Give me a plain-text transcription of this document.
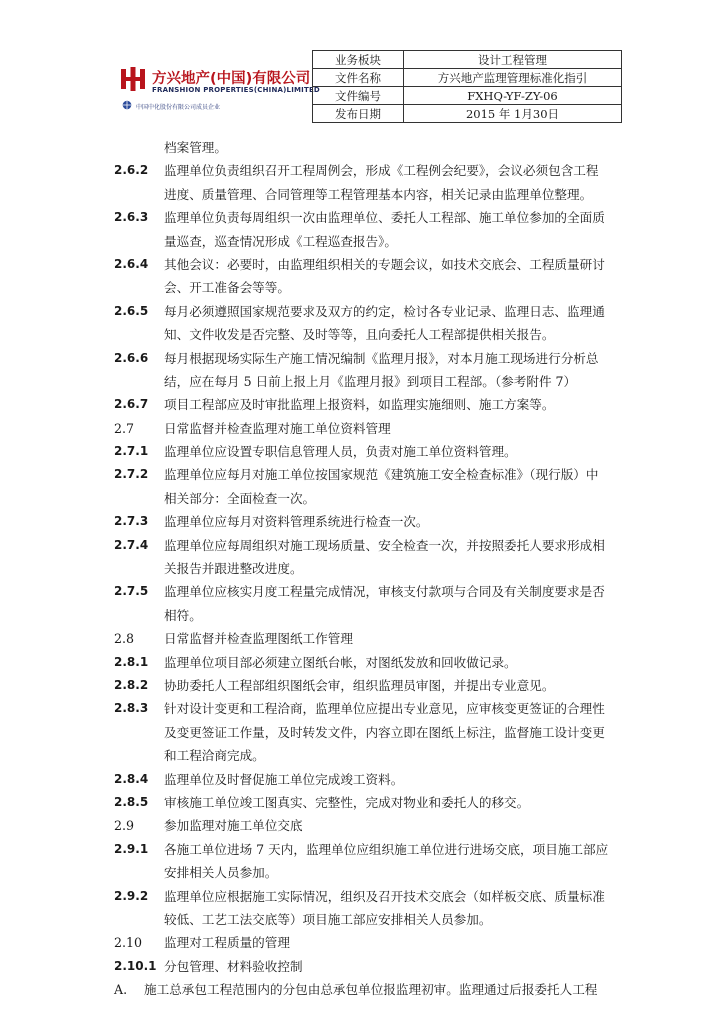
方兴地产(中国)有限公司
FRANSHION PROPERTIES(CHINA)LIMITED
中国中化股份有限公司成员企业
业务板块	设计工程管理
文件名称	方兴地产监理管理标准化指引
文件编号	FXHQ-YF-ZY-06
发布日期	2015 年 1月30日
档案管理。
2.6.2 监理单位负责组织召开工程周例会，形成《工程例会纪要》，会议必须包含工程
进度、质量管理、合同管理等工程管理基本内容，相关记录由监理单位整理。
2.6.3 监理单位负责每周组织一次由监理单位、委托人工程部、施工单位参加的全面质
量巡查，巡查情况形成《工程巡查报告》。
2.6.4 其他会议：必要时，由监理组织相关的专题会议，如技术交底会、工程质量研讨
会、开工准备会等等。
2.6.5 每月必须遵照国家规范要求及双方的约定，检讨各专业记录、监理日志、监理通
知、文件收发是否完整、及时等等，且向委托人工程部提供相关报告。
2.6.6 每月根据现场实际生产施工情况编制《监理月报》，对本月施工现场进行分析总
结，应在每月 5 日前上报上月《监理月报》到项目工程部。（参考附件 7）
2.6.7 项目工程部应及时审批监理上报资料，如监理实施细则、施工方案等。
2.7 日常监督并检查监理对施工单位资料管理
2.7.1 监理单位应设置专职信息管理人员，负责对施工单位资料管理。
2.7.2 监理单位应每月对施工单位按国家规范《建筑施工安全检查标准》（现行版）中
相关部分：全面检查一次。
2.7.3 监理单位应每月对资料管理系统进行检查一次。
2.7.4 监理单位应每周组织对施工现场质量、安全检查一次，并按照委托人要求形成相
关报告并跟进整改进度。
2.7.5 监理单位应核实月度工程量完成情况，审核支付款项与合同及有关制度要求是否
相符。
2.8 日常监督并检查监理图纸工作管理
2.8.1 监理单位项目部必须建立图纸台帐，对图纸发放和回收做记录。
2.8.2 协助委托人工程部组织图纸会审，组织监理员审图，并提出专业意见。
2.8.3 针对设计变更和工程洽商，监理单位应提出专业意见，应审核变更签证的合理性
及变更签证工作量，及时转发文件，内容立即在图纸上标注，监督施工设计变更
和工程洽商完成。
2.8.4 监理单位及时督促施工单位完成竣工资料。
2.8.5 审核施工单位竣工图真实、完整性，完成对物业和委托人的移交。
2.9 参加监理对施工单位交底
2.9.1 各施工单位进场 7 天内，监理单位应组织施工单位进行进场交底，项目施工部应
安排相关人员参加。
2.9.2 监理单位应根据施工实际情况，组织及召开技术交底会（如样板交底、质量标准
较低、工艺工法交底等）项目施工部应安排相关人员参加。
2.10 监理对工程质量的管理
2.10.1 分包管理、材料验收控制
A. 施工总承包工程范围内的分包由总承包单位报监理初审。监理通过后报委托人工程
